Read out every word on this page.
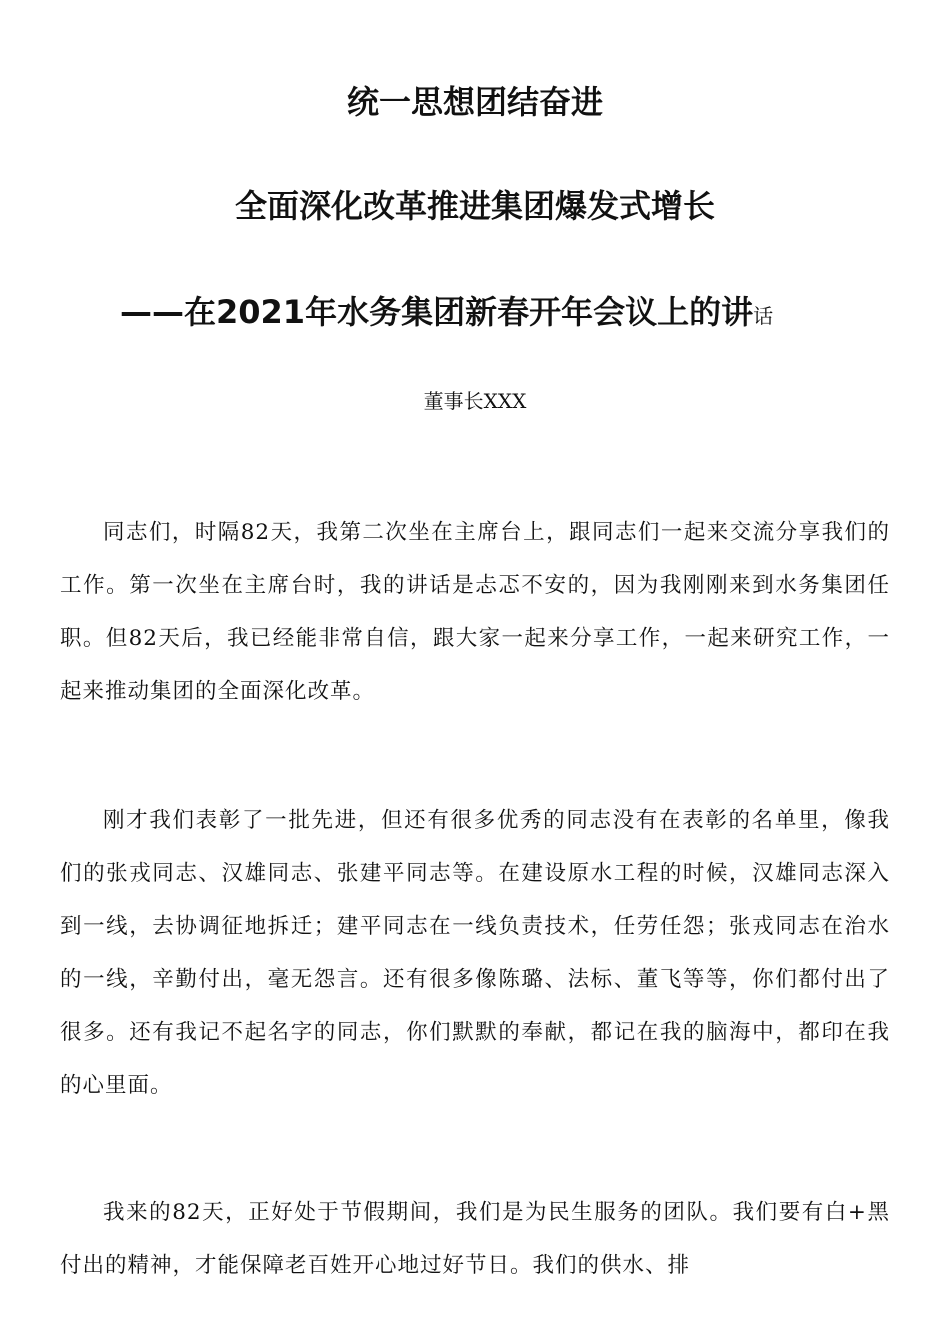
统一思想团结奋进
全面深化改革推进集团爆发式增长
——在2021年水务集团新春开年会议上的讲话
董事长XXX

同志们，时隔82天，我第二次坐在主席台上，跟同志们一起来交流分享我们的工作。第一次坐在主席台时，我的讲话是忐忑不安的，因为我刚刚来到水务集团任职。但82天后，我已经能非常自信，跟大家一起来分享工作，一起来研究工作，一起来推动集团的全面深化改革。

刚才我们表彰了一批先进，但还有很多优秀的同志没有在表彰的名单里，像我们的张戎同志、汉雄同志、张建平同志等。在建设原水工程的时候，汉雄同志深入到一线，去协调征地拆迁；建平同志在一线负责技术，任劳任怨；张戎同志在治水的一线，辛勤付出，毫无怨言。还有很多像陈璐、法标、董飞等等，你们都付出了很多。还有我记不起名字的同志，你们默默的奉献，都记在我的脑海中，都印在我的心里面。

我来的82天，正好处于节假期间，我们是为民生服务的团队。我们要有白+黑付出的精神，才能保障老百姓开心地过好节日。我们的供水、排
